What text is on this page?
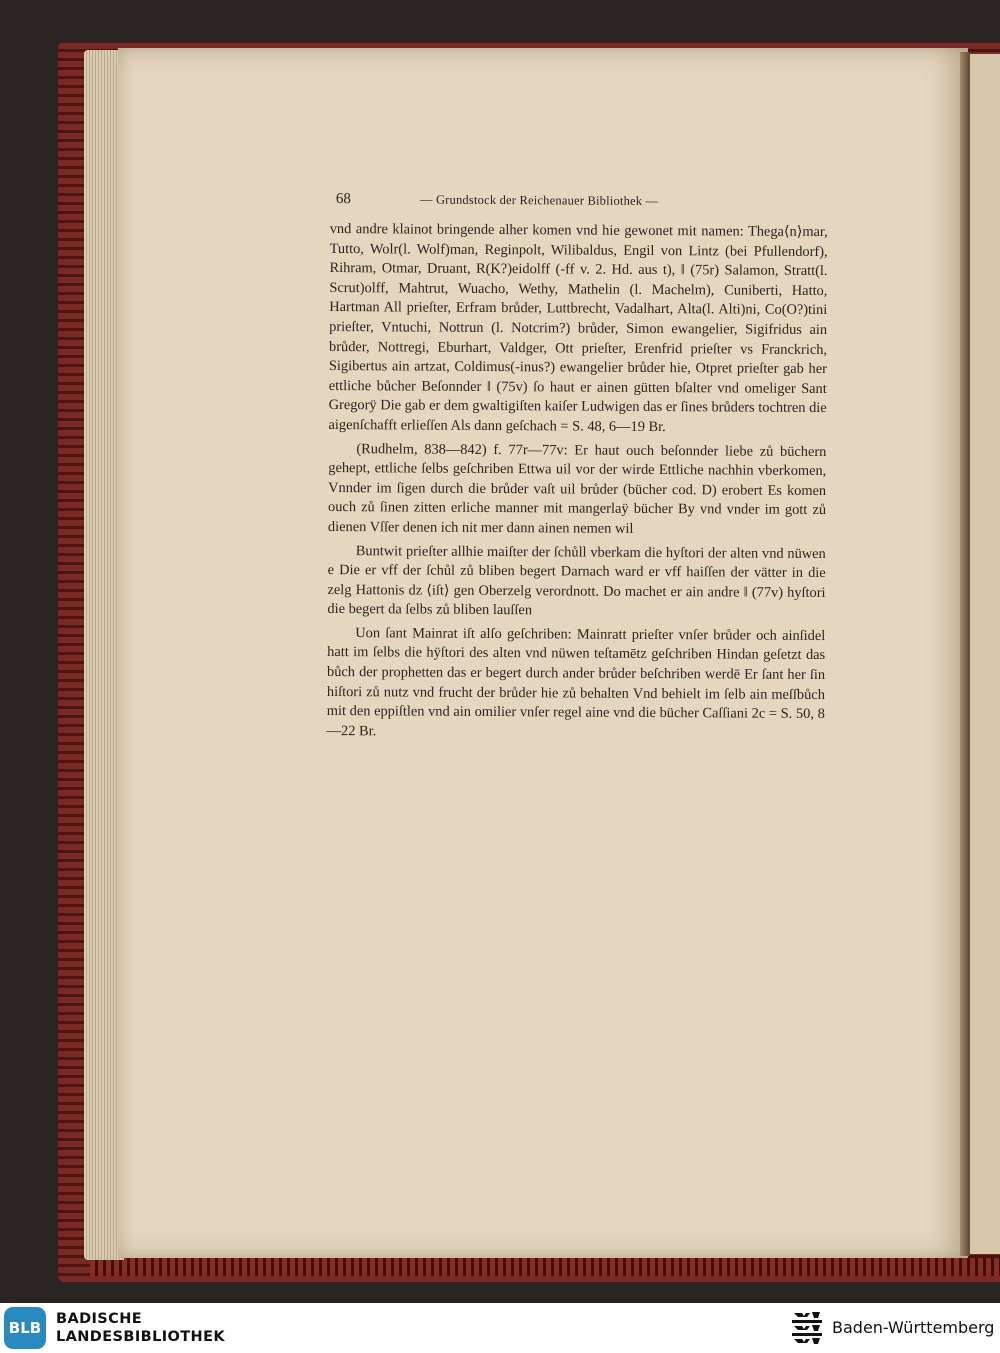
68	— Grundstock der Reichenauer Bibliothek —

vnd andre klainot bringende alher komen vnd hie gewonet mit namen: Thega⟨n⟩mar, Tutto, Wolr(l. Wolf)man, Reginpolt, Wilibaldus, Engil von Lintz (bei Pfullendorf), Rihram, Otmar, Druant, R(K?)eidolff (-ff v. 2. Hd. aus t), ‖ (75r) Salamon, Stratt(l. Scrut)olff, Mahtrut, Wuacho, Wethy, Mathelin (l. Machelm), Cuniberti, Hatto, Hartman All prieſter, Erfram brůder, Luttbrecht, Vadalhart, Alta(l. Alti)ni, Co(O?)tini prieſter, Vntuchi, Nottrun (l. Notcrim?) brůder, Simon ewangelier, Sigifridus ain brůder, Nottregi, Eburhart, Valdger, Ott prieſter, Erenfrid prieſter vs Franckrich, Sigibertus ain artzat, Coldimus(-inus?) ewangelier brůder hie, Otpret prieſter gab her ettliche bůcher Beſonnder ‖ (75v) ſo haut er ainen gütten bſalter vnd omeliger Sant Gregorÿ Die gab er dem gwaltigiſten kaiſer Ludwigen das er ſines brůders tochtren die aigenſchafft erlieſſen Als dann geſchach = S. 48, 6—19 Br.

(Rudhelm, 838—842) f. 77r—77v: Er haut ouch beſonnder liebe zů büchern gehept, ettliche ſelbs geſchriben Ettwa uil vor der wirde Ettliche nachhin vberkomen, Vnnder im ſigen durch die brůder vaſt uil brůder (bücher cod. D) erobert Es komen ouch zů ſinen zitten erliche manner mit mangerlaÿ bücher By vnd vnder im gott zů dienen Vſſer denen ich nit mer dann ainen nemen wil

Buntwit prieſter allhie maiſter der ſchůll vberkam die hyſtori der alten vnd nüwen e Die er vff der ſchůl zů bliben begert Darnach ward er vff haiſſen der vätter in die zelg Hattonis dz ⟨iſt⟩ gen Oberzelg verordnott. Do machet er ain andre ‖ (77v) hyſtori die begert da ſelbs zů bliben lauſſen

Uon ſant Mainrat iſt alſo geſchriben: Mainratt prieſter vnſer brůder och ainſidel hatt im ſelbs die hÿſtori des alten vnd nüwen teſtamētz geſchriben Hindan geſetzt das bůch der prophetten das er begert durch ander brůder beſchriben werdē Er ſant her ſin hiſtori zů nutz vnd frucht der brůder hie zů behalten Vnd behielt im ſelb ain meſſbůch mit den eppiſtlen vnd ain omilier vnſer regel aine vnd die bücher Caſſiani 2c = S. 50, 8—22 Br.

BLB	BADISCHE
LANDESBIBLIOTHEK	Baden-Württemberg
